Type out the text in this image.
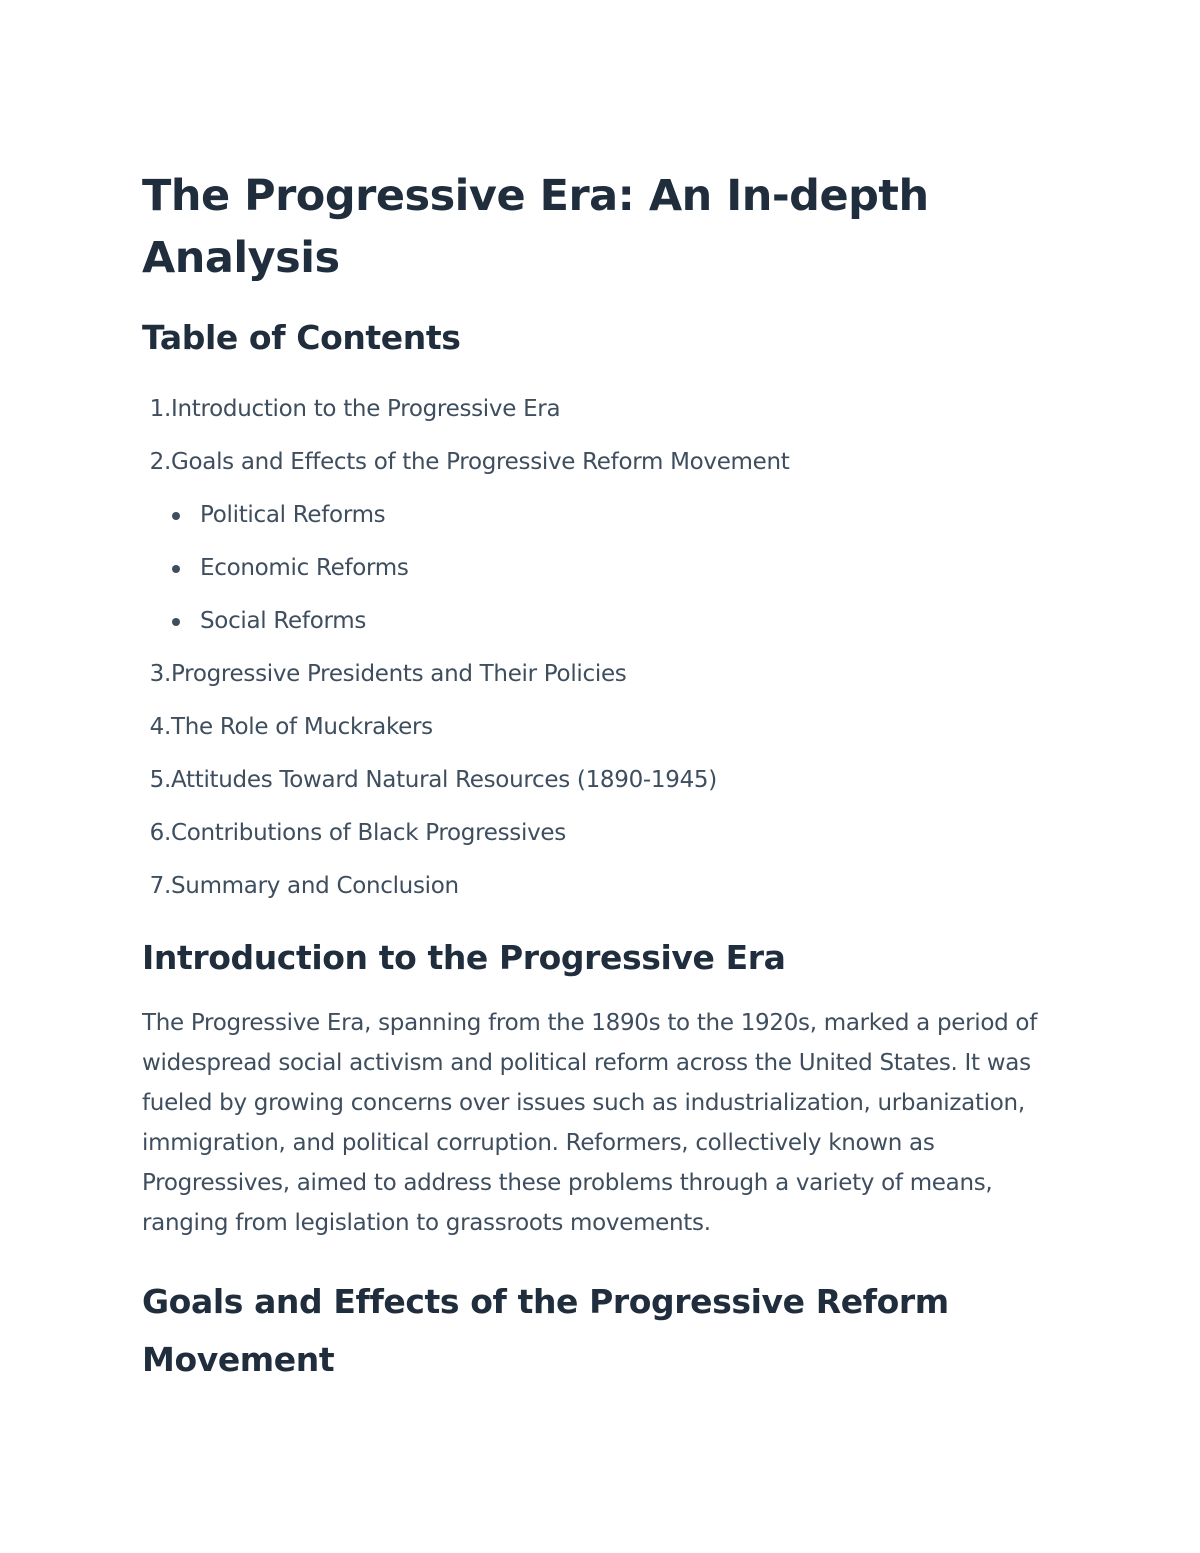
The Progressive Era: An In-depth Analysis
Table of Contents
1. Introduction to the Progressive Era
2. Goals and Effects of the Progressive Reform Movement
Political Reforms
Economic Reforms
Social Reforms
3. Progressive Presidents and Their Policies
4. The Role of Muckrakers
5. Attitudes Toward Natural Resources (1890-1945)
6. Contributions of Black Progressives
7. Summary and Conclusion
Introduction to the Progressive Era

The Progressive Era, spanning from the 1890s to the 1920s, marked a period of widespread social activism and political reform across the United States. It was fueled by growing concerns over issues such as industrialization, urbanization, immigration, and political corruption. Reformers, collectively known as Progressives, aimed to address these problems through a variety of means, ranging from legislation to grassroots movements.

Goals and Effects of the Progressive Reform Movement
